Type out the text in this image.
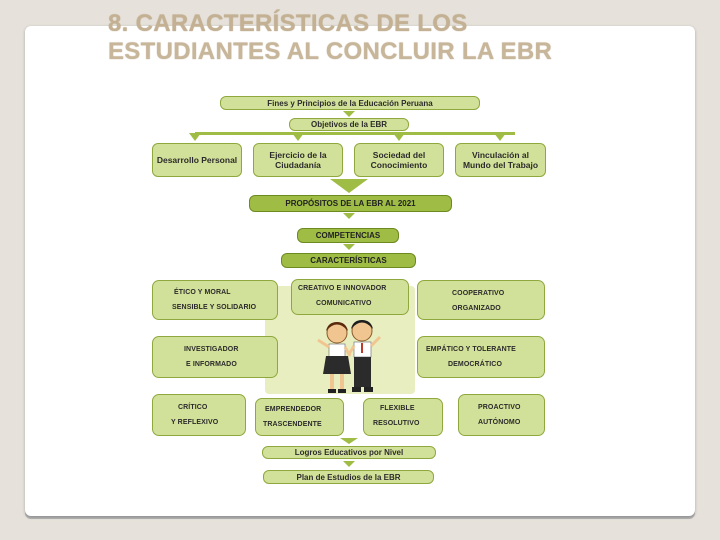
8. CARACTERÍSTICAS DE LOS
ESTUDIANTES AL CONCLUIR LA EBR
Fines y Principios de la Educación Peruana
Objetivos de la EBR
Desarrollo Personal	Ejercicio de la Ciudadanía
Sociedad del Conocimiento
Vinculación al Mundo del Trabajo
PROPÓSITOS DE LA EBR AL 2021
COMPETENCIAS
CARACTERÍSTICAS
ÉTICO Y MORAL
SENSIBLE Y SOLIDARIO
INVESTIGADOR
E INFORMADO
CRÍTICO
Y REFLEXIVO
CREATIVO E INNOVADOR
COMUNICATIVO
COOPERATIVO
ORGANIZADO
EMPÁTICO Y TOLERANTE
DEMOCRÁTICO
PROACTIVO
AUTÓNOMO
EMPRENDEDOR
TRASCENDENTE
FLEXIBLE
RESOLUTIVO
Logros Educativos por Nivel
Plan de Estudios de la EBR
